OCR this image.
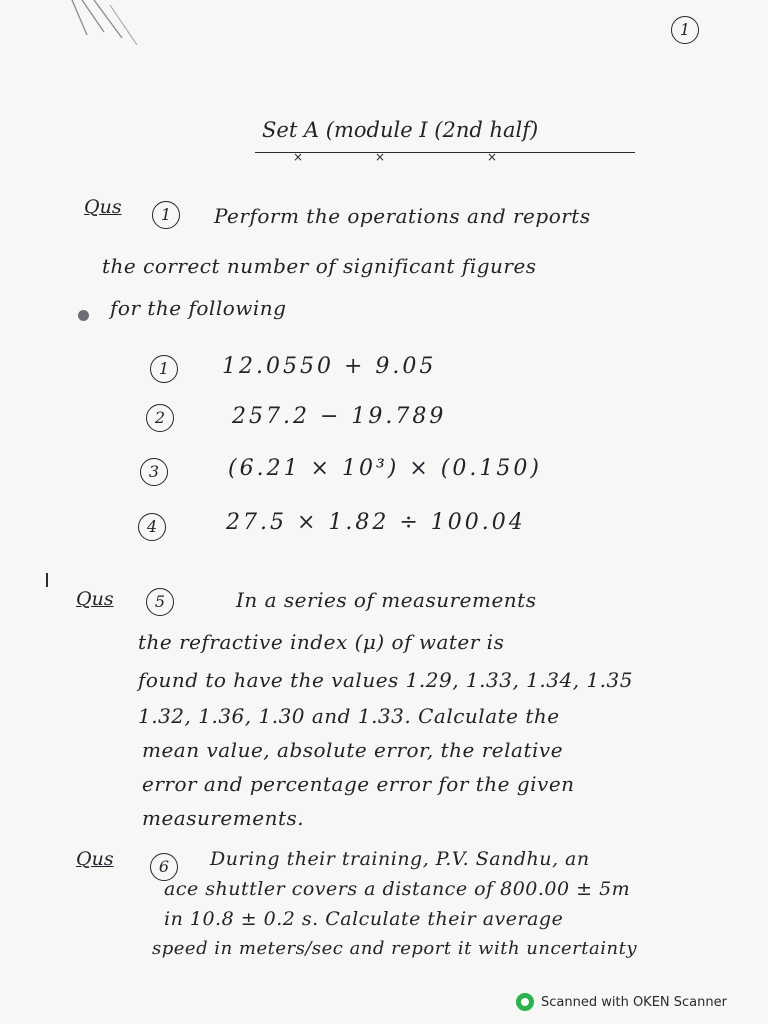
1
Set A (module I (2nd half)
×	×	×
Qus	1	Perform the operations and reports
the correct number of significant figures
for the following
1	12.0550 + 9.05
2	257.2 − 19.789
3	(6.21 × 10³) × (0.150)
4	27.5 × 1.82 ÷ 100.04
Qus	5	In a series of measurements
the refractive index (μ) of water is
found to have the values 1.29, 1.33, 1.34, 1.35
1.32, 1.36, 1.30 and 1.33. Calculate the
mean value, absolute error, the relative
error and percentage error for the given
measurements.
Qus	6	During their training, P.V. Sandhu, an
ace shuttler covers a distance of 800.00 ± 5m
in 10.8 ± 0.2 s. Calculate their average
speed in meters/sec and report it with uncertainty
Scanned with OKEN Scanner
